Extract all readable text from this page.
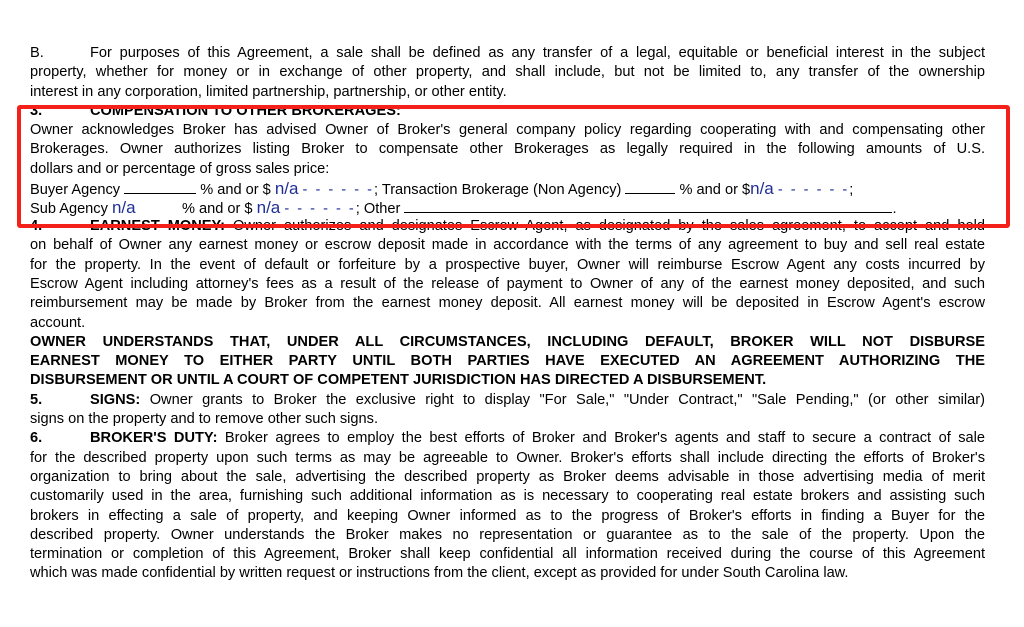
B.	For purposes of this Agreement, a sale shall be defined as any transfer of a legal, equitable or beneficial interest in the subject
property, whether for money or in exchange of other property, and shall include, but not be limited to, any transfer of the ownership
interest in any corporation, limited partnership, partnership, or other entity.
3.	COMPENSATION TO OTHER BROKERAGES:
Owner acknowledges Broker has advised Owner of Broker's general company policy regarding cooperating with and compensating other
Brokerages. Owner authorizes listing Broker to compensate other Brokerages as legally required in the following amounts of U.S.
dollars and or percentage of gross sales price:
Buyer Agency	% and or $ n/a - - - - - -; Transaction Brokerage (Non Agency)	% and or $n/a - - - - - -;
Sub Agency n/a	% and or $ n/a - - - - - -; Other	.
4.	EARNEST MONEY: Owner authorizes and designates Escrow Agent, as designated by the sales agreement, to accept and hold
on behalf of Owner any earnest money or escrow deposit made in accordance with the terms of any agreement to buy and sell real estate
for the property. In the event of default or forfeiture by a prospective buyer, Owner will reimburse Escrow Agent any costs incurred by
Escrow Agent including attorney's fees as a result of the release of payment to Owner of any of the earnest money deposited, and such
reimbursement may be made by Broker from the earnest money deposit. All earnest money will be deposited in Escrow Agent's escrow
account.
OWNER UNDERSTANDS THAT, UNDER ALL CIRCUMSTANCES, INCLUDING DEFAULT, BROKER WILL NOT DISBURSE
EARNEST MONEY TO EITHER PARTY UNTIL BOTH PARTIES HAVE EXECUTED AN AGREEMENT AUTHORIZING THE
DISBURSEMENT OR UNTIL A COURT OF COMPETENT JURISDICTION HAS DIRECTED A DISBURSEMENT.
5.	SIGNS: Owner grants to Broker the exclusive right to display "For Sale," "Under Contract," "Sale Pending," (or other similar)
signs on the property and to remove other such signs.
6.	BROKER'S DUTY: Broker agrees to employ the best efforts of Broker and Broker's agents and staff to secure a contract of sale
for the described property upon such terms as may be agreeable to Owner. Broker's efforts shall include directing the efforts of Broker's
organization to bring about the sale, advertising the described property as Broker deems advisable in those advertising media of merit
customarily used in the area, furnishing such additional information as is necessary to cooperating real estate brokers and assisting such
brokers in effecting a sale of property, and keeping Owner informed as to the progress of Broker's efforts in finding a Buyer for the
described property. Owner understands the Broker makes no representation or guarantee as to the sale of the property. Upon the
termination or completion of this Agreement, Broker shall keep confidential all information received during the course of this Agreement
which was made confidential by written request or instructions from the client, except as provided for under South Carolina law.
